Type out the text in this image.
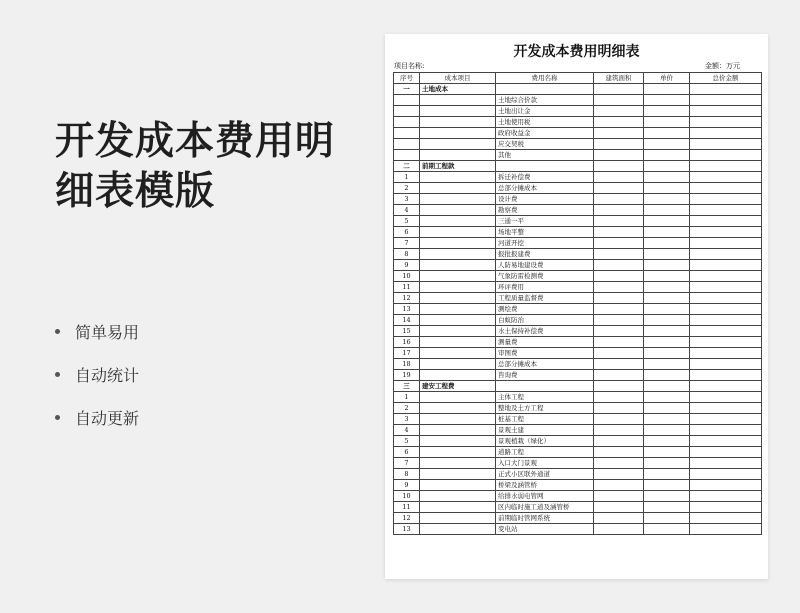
开发成本费用明
细表模版
简单易用
自动统计
自动更新
开发成本费用明细表
项目名称:	金额：万元
序号	成本项目	费用名称	建筑面积	单价	总价金额
一	土地成本				
		土地综合价款			
		土地出让金			
		土地使用税			
		政府收益金			
		应交契税			
		其他			
二	前期工程款				
1		拆迁补偿费			
2		总部分摊成本			
3		设计费			
4		勘察费			
5		三通一平			
6		场地平整			
7		河道开挖			
8		报批报建费			
9		人防易地建设费			
10		气象防雷检测费			
11		环评费用			
12		工程质量监督费			
13		测绘费			
14		白蚁防治			
15		水土保持补偿费			
16		测量费			
17		审图费			
18		总部分摊成本			
19		咨询费			
三	建安工程费				
1		主体工程			
2		整地及土方工程			
3		桩基工程			
4		景观土建			
5		景观植栽（绿化）			
6		道路工程			
7		入口大门景观			
8		正式小区联外通道			
9		桥梁及涵管桥			
10		给排水弱电管网			
11		区内临时施工道及涵管桥			
12		前期临时管网系统			
13		变电站			
